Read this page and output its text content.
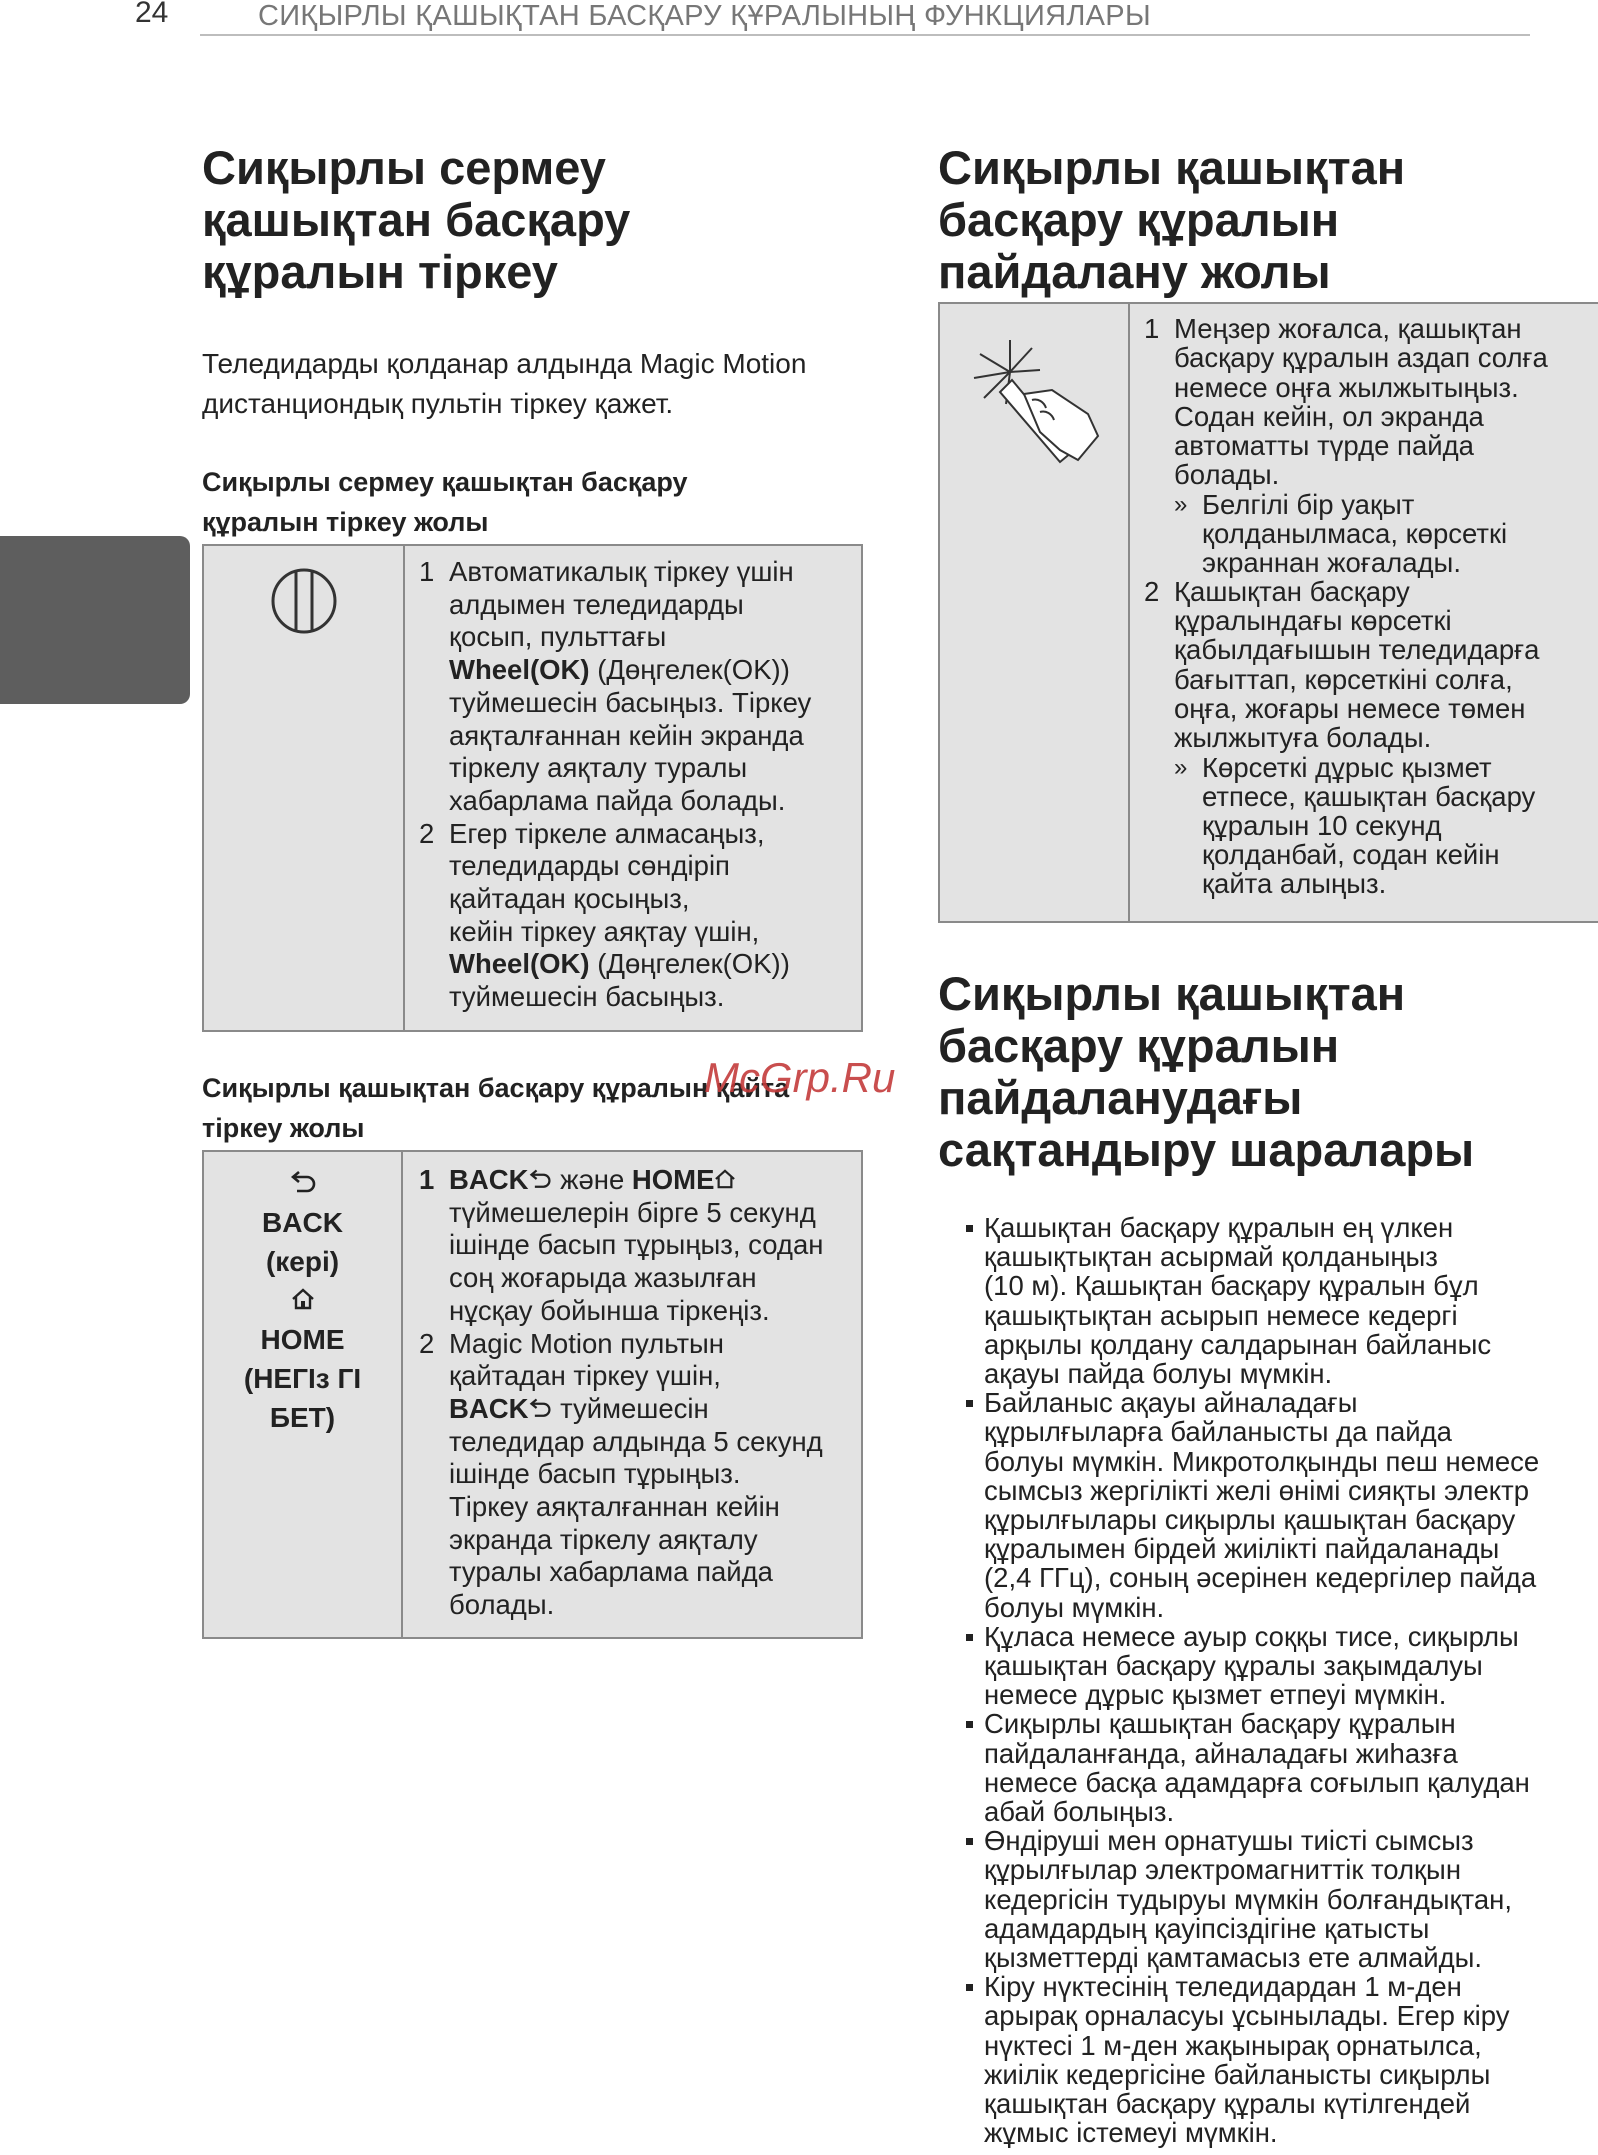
24	СИҚЫРЛЫ ҚАШЫҚТАН БАСҚАРУ ҚҰРАЛЫНЫҢ ФУНКЦИЯЛАРЫ
Сиқырлы сермеу
қашықтан басқару
құралын тіркеу
Теледидарды қолданар алдында Magic Motion
дистанциондық пультін тіркеу қажет.
Сиқырлы сермеу қашықтан басқару
құралын тіркеу жолы
1 Автоматикалық тіркеу үшін
алдымен теледидарды
қосып, пульттағы
Wheel(OK) (Дөңгелек(OK))
туймешесін басыңыз. Тіркеу
аяқталғаннан кейін экранда
тіркелу аяқталу туралы
хабарлама пайда болады.
2 Егер тіркеле алмасаңыз,
теледидарды сөндіріп
қайтадан қосыңыз,
кейін тіркеу аяқтау үшін,
Wheel(OK) (Дөңгелек(OK))
туймешесін басыңыз.
Сиқырлы қашықтан басқару құралын қайта
тіркеу жолы
BACK
(кері)
HOME
(НЕГІз ГІ
БЕТ)
1 BACK және HOME
түймешелерін бірге 5 секунд
ішінде басып тұрыңыз, содан
соң жоғарыда жазылған
нұсқау бойынша тіркеңіз.
2 Magic Motion пультын
қайтадан тіркеу үшін,
BACK туймешесін
теледидар алдында 5 секунд
ішінде басып тұрыңыз.
Тіркеу аяқталғаннан кейін
экранда тіркелу аяқталу
туралы хабарлама пайда
болады.
Сиқырлы қашықтан
басқару құралын
пайдалану жолы
1 Меңзер жоғалса, қашықтан
басқару құралын аздап солға
немесе оңға жылжытыңыз.
Содан кейін, ол экранда
автоматты түрде пайда
болады.
» Белгілі бір уақыт
қолданылмаса, көрсеткі
экраннан жоғалады.
2 Қашықтан басқару
құралындағы көрсеткі
қабылдағышын теледидарға
бағыттап, көрсеткіні солға,
оңға, жоғары немесе төмен
жылжытуға болады.
» Көрсеткі дұрыс қызмет
етпесе, қашықтан басқару
құралын 10 секунд
қолданбай, содан кейін
қайта алыңыз.
Сиқырлы қашықтан
басқару құралын
пайдаланудағы
сақтандыру шаралары
Қашықтан басқару құралын ең үлкен
қашықтықтан асырмай қолданыңыз
(10 м). Қашықтан басқару құралын бұл
қашықтықтан асырып немесе кедергі
арқылы қолдану салдарынан байланыс
ақауы пайда болуы мүмкін.
Байланыс ақауы айналадағы
құрылғыларға байланысты да пайда
болуы мүмкін. Микротолқынды пеш немесе
сымсыз жергілікті желі өнімі сияқты электр
құрылғылары сиқырлы қашықтан басқару
құралымен бірдей жиілікті пайдаланады
(2,4 ГГц), соның әсерінен кедергілер пайда
болуы мүмкін.
Құласа немесе ауыр соққы тисе, сиқырлы
қашықтан басқару құралы зақымдалуы
немесе дұрыс қызмет етпеуі мүмкін.
Сиқырлы қашықтан басқару құралын
пайдаланғанда, айналадағы жиhазға
немесе басқа адамдарға соғылып қалудан
абай болыңыз.
Өндіруші мен орнатушы тиісті сымсыз
құрылғылар электромагниттік толқын
кедергісін тудыруы мүмкін болғандықтан,
адамдардың қауіпсіздігіне қатысты
қызметтерді қамтамасыз ете алмайды.
Кіру нүктесінің теледидардан 1 м-ден
арырақ орналасуы ұсынылады. Егер кіру
нүктесі 1 м-ден жақынырақ орнатылса,
жиілік кедергісіне байланысты сиқырлы
қашықтан басқару құралы күтілгендей
жұмыс істемеуі мүмкін.
McGrp.Ru
